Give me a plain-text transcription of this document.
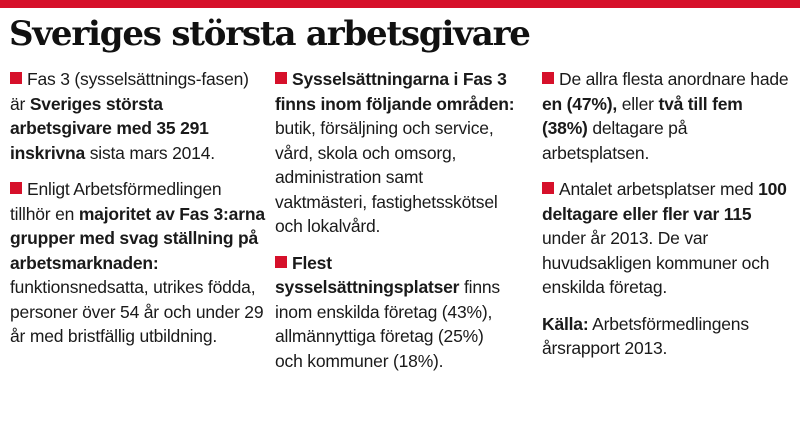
Sveriges största arbetsgivare

Fas 3 (sysselsättnings-fasen) är Sveriges största arbetsgivare med 35 291 inskrivna sista mars 2014.

Enligt Arbetsförmedlingen tillhör en majoritet av Fas 3:arna grupper med svag ställning på arbetsmarknaden: funktionsnedsatta, utrikes födda, personer över 54 år och under 29 år med bristfällig utbildning.

Sysselsättningarna i Fas 3 finns inom följande områden: butik, försäljning och service, vård, skola och omsorg, administration samt vaktmästeri, fastighetsskötsel och lokalvård.

Flest sysselsättningsplatser finns inom enskilda företag (43%), allmännyttiga företag (25%) och kommuner (18%).

De allra flesta anordnare hade en (47%), eller två till fem (38%) deltagare på arbetsplatsen.

Antalet arbetsplatser med 100 deltagare eller fler var 115 under år 2013. De var huvudsakligen kommuner och enskilda företag.

Källa: Arbetsförmedlingens årsrapport 2013.
